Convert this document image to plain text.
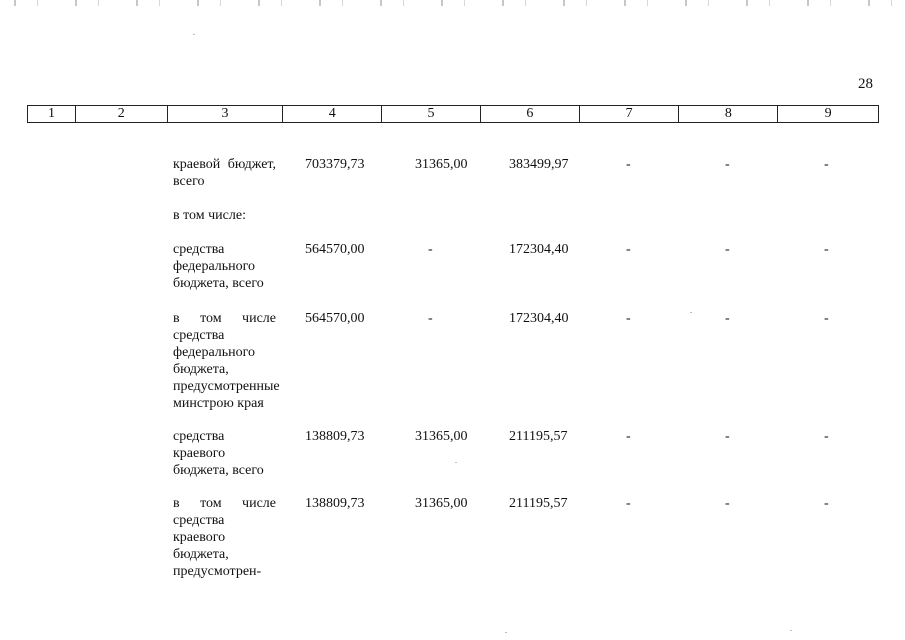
28
1	2	3	4	5	6	7	8	9
краевой бюджет, всего
703379,73	31365,00	383499,97	-	-	-
в том числе:
средства федерального бюджета, всего
564570,00	-	172304,40	-	-	-
в том числе средства федерального бюджета, предусмотренные минстрою края
564570,00	-	172304,40	-	-	-
средства краевого бюджета, всего
138809,73	31365,00	211195,57	-	-	-
в том числе средства краевого бюджета, предусмотрен-
138809,73	31365,00	211195,57	-	-	-
